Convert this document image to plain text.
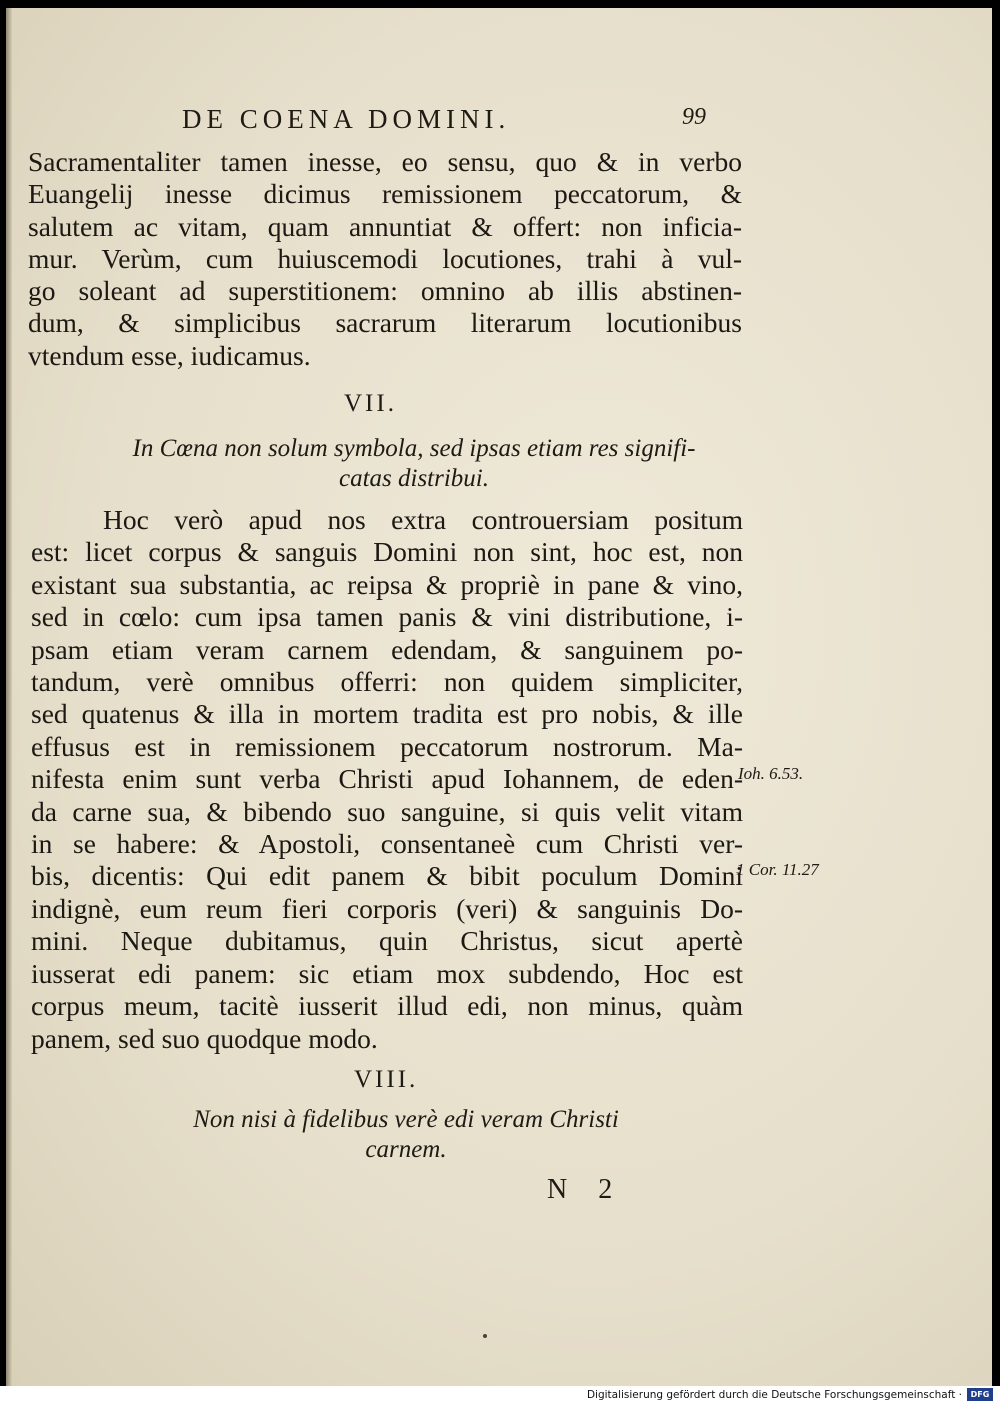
DE COENA DOMINI.	99
Sacramentaliter tamen inesse, eo sensu, quo & in verbo
Euangelij inesse dicimus remissionem peccatorum, &
salutem ac vitam, quam annuntiat & offert: non inficia-
mur. Verùm, cum huiuscemodi locutiones, trahi à vul-
go soleant ad superstitionem: omnino ab illis abstinen-
dum, & simplicibus sacrarum literarum locutionibus
vtendum esse, iudicamus.
VII.
In Cœna non solum symbola, sed ipsas etiam res signifi-
catas distribui.
Hoc verò apud nos extra controuersiam positum
est: licet corpus & sanguis Domini non sint, hoc est, non
existant sua substantia, ac reipsa & propriè in pane & vino,
sed in cœlo: cum ipsa tamen panis & vini distributione, i-
psam etiam veram carnem edendam, & sanguinem po-
tandum, verè omnibus offerri: non quidem simpliciter,
sed quatenus & illa in mortem tradita est pro nobis, & ille
effusus est in remissionem peccatorum nostrorum. Ma-
nifesta enim sunt verba Christi apud Iohannem, de eden-
da carne sua, & bibendo suo sanguine, si quis velit vitam
in se habere: & Apostoli, consentaneè cum Christi ver-
bis, dicentis: Qui edit panem & bibit poculum Domini
indignè, eum reum fieri corporis (veri) & sanguinis Do-
mini. Neque dubitamus, quin Christus, sicut apertè
iusserat edi panem: sic etiam mox subdendo, Hoc est
corpus meum, tacitè iusserit illud edi, non minus, quàm
panem, sed suo quodque modo.
Ioh. 6.53.
1 Cor. 11.27
VIII.
Non nisi à fidelibus verè edi veram Christi
carnem.
N 2
Digitalisierung gefördert durch die Deutsche Forschungsgemeinschaft ·	DFG
